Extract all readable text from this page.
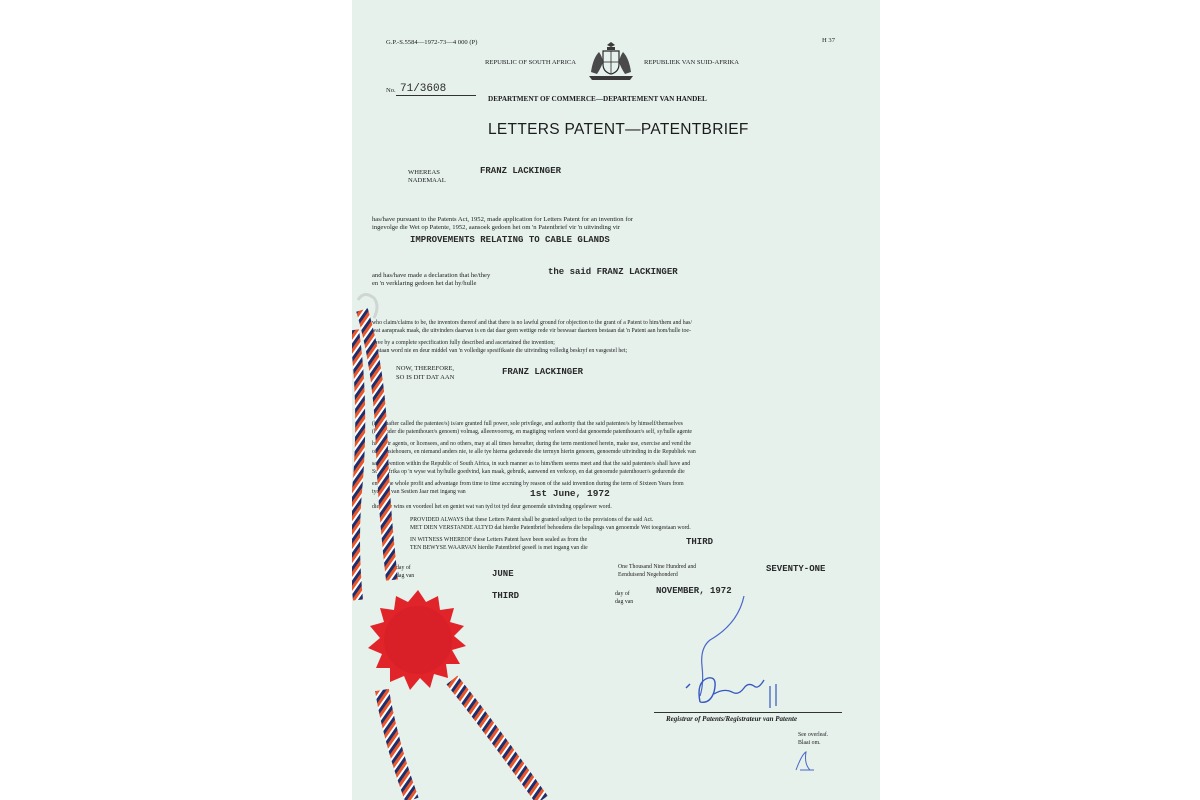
G.P.-S.5584—1972-73—4 000 (P)	H 37
REPUBLIC OF SOUTH AFRICA	REPUBLIEK VAN SUID-AFRIKA
No. 71/3608
DEPARTMENT OF COMMERCE—DEPARTEMENT VAN HANDEL
LETTERS PATENT—PATENTBRIEF
WHEREAS
NADEMAAL
FRANZ LACKINGER
has/have pursuant to the Patents Act, 1952, made application for Letters Patent for an invention for
ingevolge die Wet op Patente, 1952, aansoek gedoen het om 'n Patentbrief vir 'n uitvinding vir
IMPROVEMENTS RELATING TO CABLE GLANDS
and has/have made a declaration that he/they
en 'n verklaring gedoen het dat hy/hulle
the said FRANZ LACKINGER
who claim/claims to be, the inventors thereof and that there is no lawful ground for objection to the grant of a Patent to him/them and has/
wat aanspraak maak, die uitvinders daarvan is en dat daar geen wettige rede vir beswaar daarteen bestaan dat 'n Patent aan hom/hulle toe-
have by a complete specification fully described and ascertained the invention;
gestaan word nie en deur middel van 'n volledige spesifikasie die uitvinding volledig beskryf en vasgestel het;
NOW, THEREFORE,
SO IS DIT DAT AAN
FRANZ LACKINGER
(hereinafter called the patentee/s) is/are granted full power, sole privilege, and authority that the said patentee/s by himself/themselves
(hieronder die patenthouer/s genoem) volmag, alleenvoorreg, en magtiging verleen word dat genoemde patenthouer/s self, sy/hulle agente
his/their agents, or licensees, and no others, may at all times hereafter, during the term mentioned herein, make use, exercise and vend the
of lisensiehouers, en niemand anders nie, te alle tye hierna gedurende die termyn hierin genoem, genoemde uitvinding in die Republiek van
said invention within the Republic of South Africa, in such manner as to him/them seems meet and that the said patentee/s shall have and
Suid-Afrika op 'n wyse wat hy/hulle goedvind, kan maak, gebruik, aanwend en verkoop, en dat genoemde patenthouer/s gedurende die
enjoy the whole profit and advantage from time to time accruing by reason of the said invention during the term of Sixteen Years from
tydperk van Sestien Jaar met ingang van	1st June, 1972
die volle wins en voordeel het en geniet wat van tyd tot tyd deur genoemde uitvinding opgelewer word.
PROVIDED ALWAYS that these Letters Patent shall be granted subject to the provisions of the said Act.
MET DIEN VERSTANDE ALTYD dat hierdie Patentbrief behoudens die bepalings van genoemde Wet toegestaan word.
IN WITNESS WHEREOF these Letters Patent have been sealed as from the
TEN BEWYSE WAARVAN hierdie Patentbrief geseël is met ingang van die
THIRD
day of
dag van	JUNE
One Thousand Nine Hundred and
Eenduisend Negehonderd
SEVENTY-ONE
THIRD	day of
dag van
NOVEMBER, 1972
Registrar of Patents/Registrateur van Patente
See overleaf.
Blaai om.
